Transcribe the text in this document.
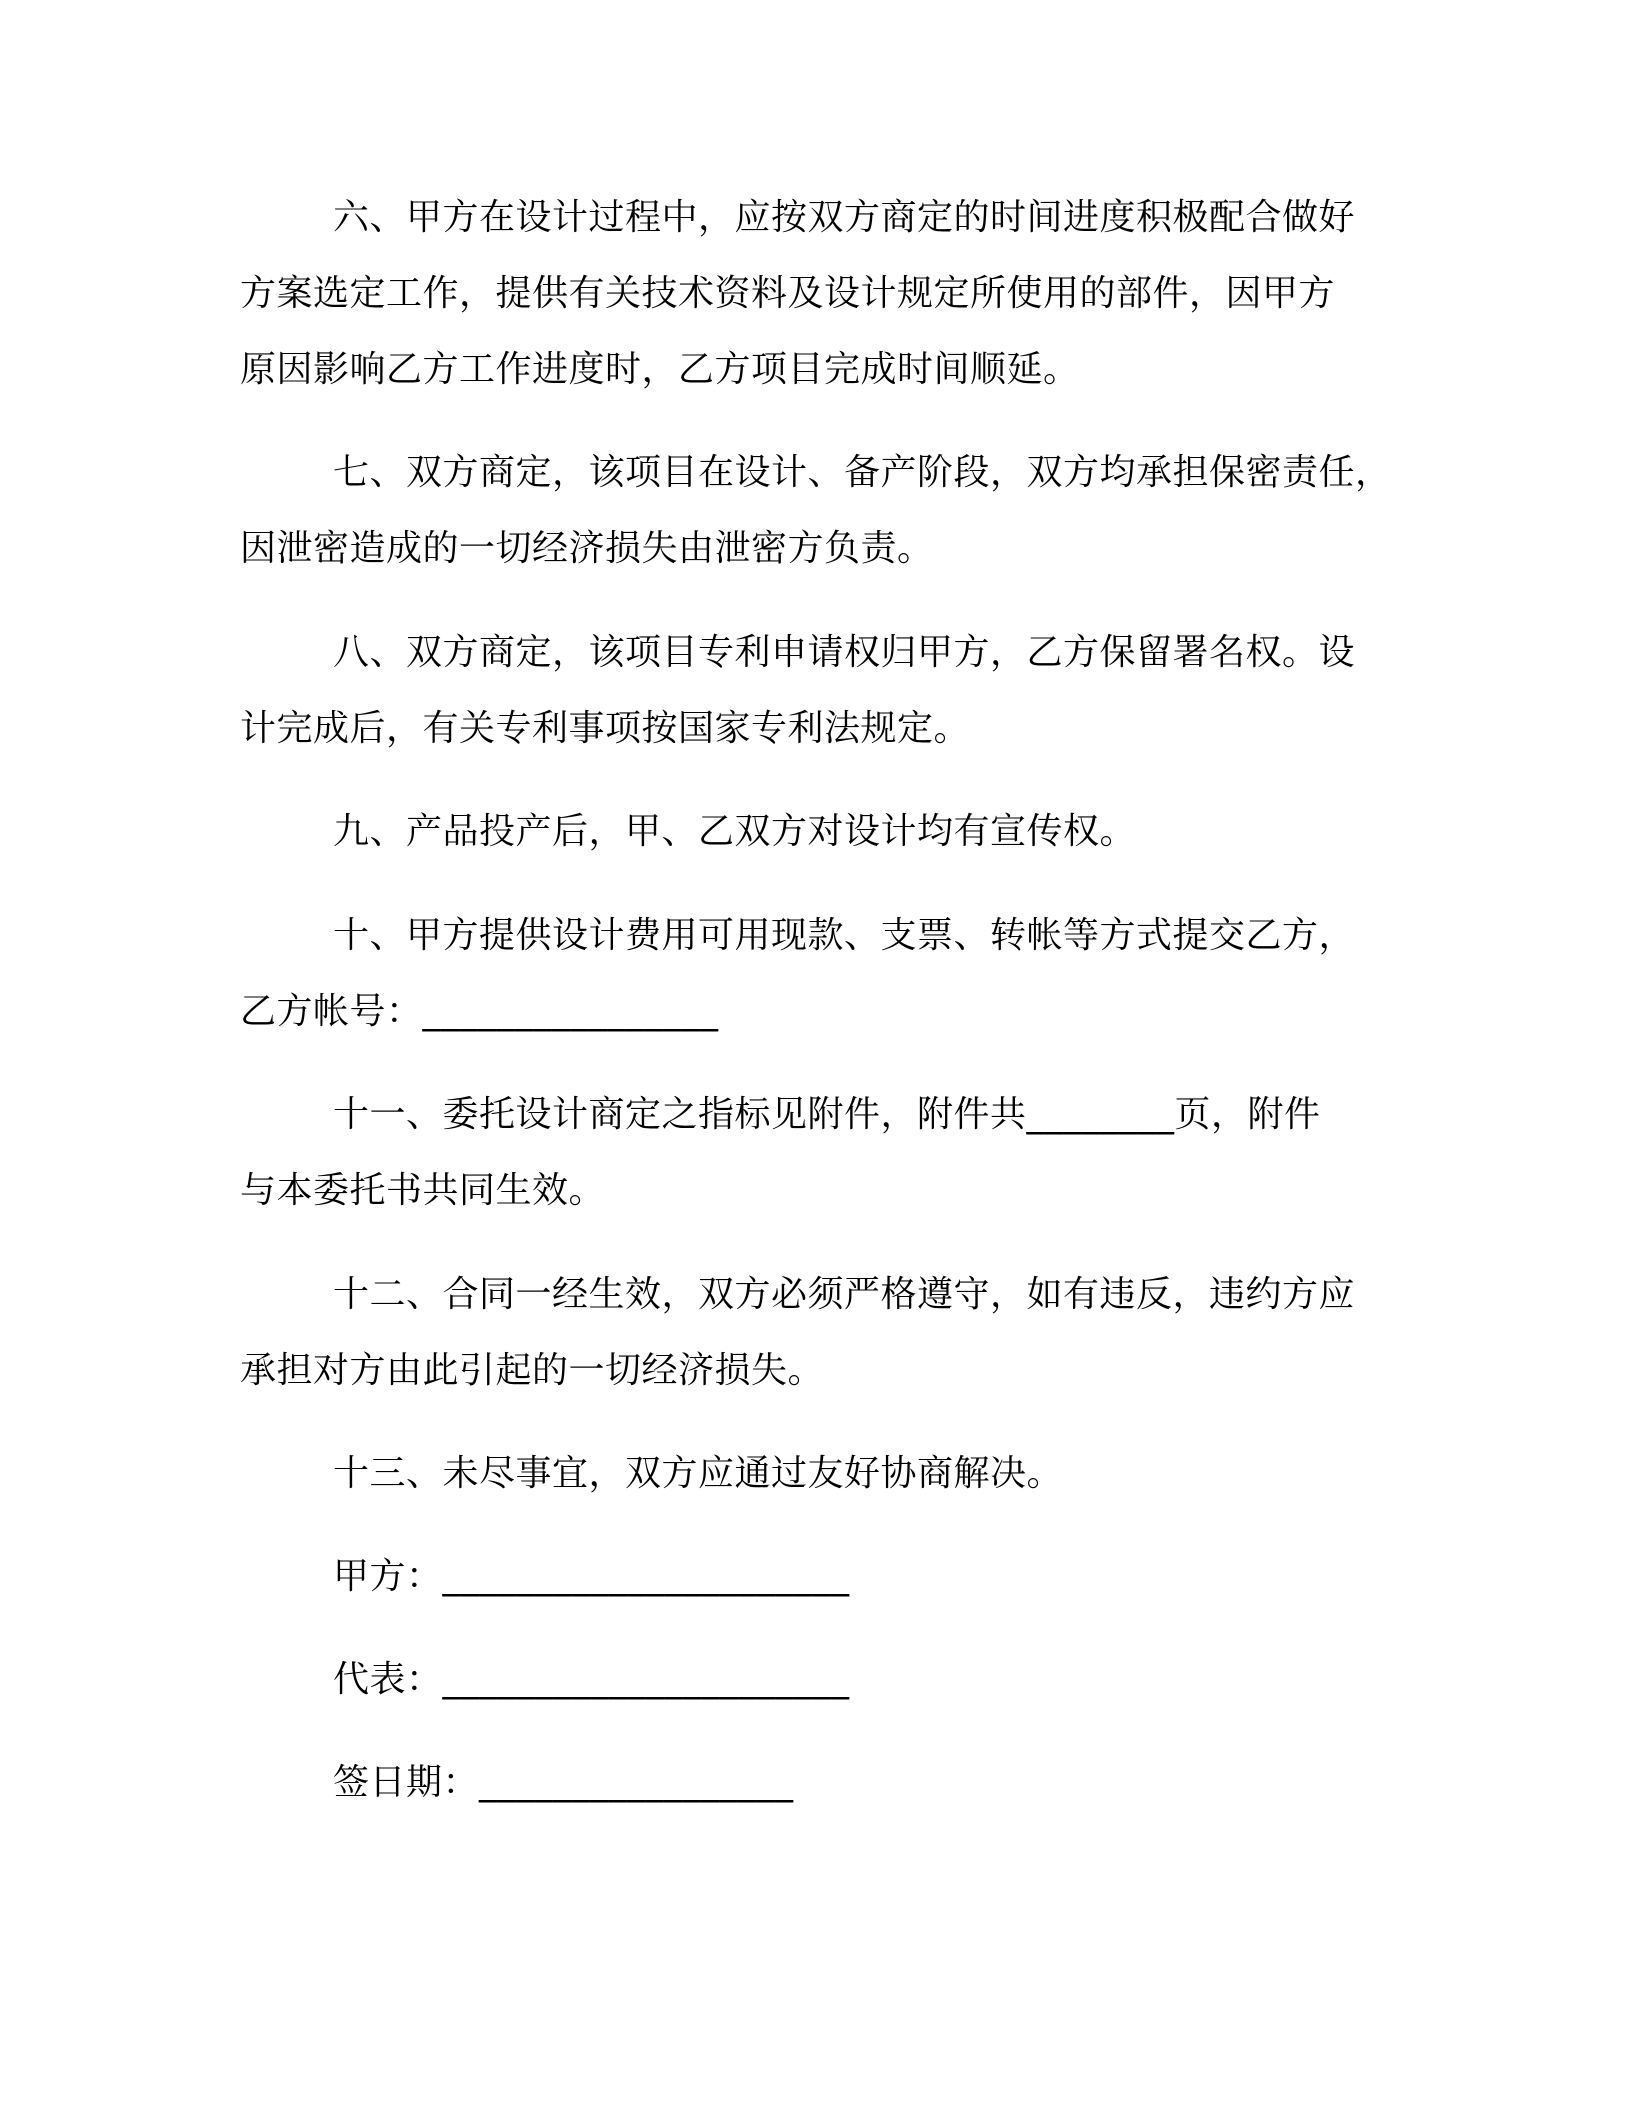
六、甲方在设计过程中，应按双方商定的时间进度积极配合做好
方案选定工作，提供有关技术资料及设计规定所使用的部件，因甲方
原因影响乙方工作进度时，乙方项目完成时间顺延。
七、双方商定，该项目在设计、备产阶段，双方均承担保密责任，
因泄密造成的一切经济损失由泄密方负责。
八、双方商定，该项目专利申请权归甲方，乙方保留署名权。设
计完成后，有关专利事项按国家专利法规定。
九、产品投产后，甲、乙双方对设计均有宣传权。
十、甲方提供设计费用可用现款、支票、转帐等方式提交乙方，
乙方帐号：________________
十一、委托设计商定之指标见附件，附件共________页，附件
与本委托书共同生效。
十二、合同一经生效，双方必须严格遵守，如有违反，违约方应
承担对方由此引起的一切经济损失。
十三、未尽事宜，双方应通过友好协商解决。
甲方：______________________
代表：______________________
签日期：_________________
